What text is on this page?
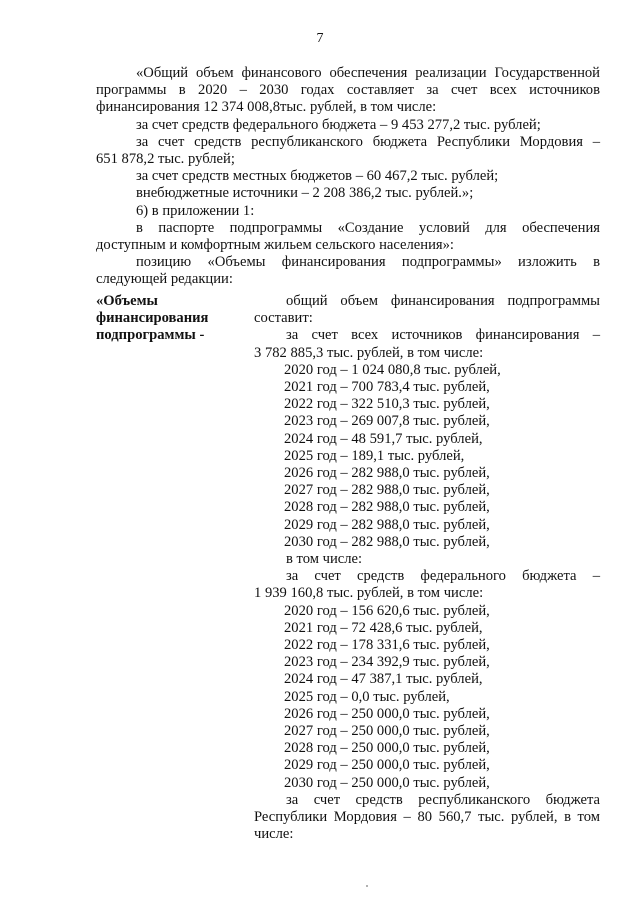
7
«Общий объем финансового обеспечения реализации Государственной
программы в 2020 – 2030 годах составляет за счет всех источников
финансирования 12 374 008,8тыс. рублей, в том числе:
за счет средств федерального бюджета – 9 453 277,2 тыс. рублей;
за счет средств республиканского бюджета Республики Мордовия –
651 878,2 тыс. рублей;
за счет средств местных бюджетов – 60 467,2 тыс. рублей;
внебюджетные источники – 2 208 386,2 тыс. рублей.»;
6) в приложении 1:
в паспорте подпрограммы «Создание условий для обеспечения
доступным и комфортным жильем сельского населения»:
позицию «Объемы финансирования подпрограммы» изложить в
следующей редакции:
«Объемы
финансирования
подпрограммы -
общий объем финансирования подпрограммы
составит:
за счет всех источников финансирования –
3 782 885,3 тыс. рублей, в том числе:
2020 год – 1 024 080,8 тыс. рублей,
2021 год – 700 783,4 тыс. рублей,
2022 год – 322 510,3 тыс. рублей,
2023 год – 269 007,8 тыс. рублей,
2024 год – 48 591,7 тыс. рублей,
2025 год – 189,1 тыс. рублей,
2026 год – 282 988,0 тыс. рублей,
2027 год – 282 988,0 тыс. рублей,
2028 год – 282 988,0 тыс. рублей,
2029 год – 282 988,0 тыс. рублей,
2030 год – 282 988,0 тыс. рублей,
в том числе:
за счет средств федерального бюджета –
1 939 160,8 тыс. рублей, в том числе:
2020 год – 156 620,6 тыс. рублей,
2021 год – 72 428,6 тыс. рублей,
2022 год – 178 331,6 тыс. рублей,
2023 год – 234 392,9 тыс. рублей,
2024 год – 47 387,1 тыс. рублей,
2025 год – 0,0 тыс. рублей,
2026 год – 250 000,0 тыс. рублей,
2027 год – 250 000,0 тыс. рублей,
2028 год – 250 000,0 тыс. рублей,
2029 год – 250 000,0 тыс. рублей,
2030 год – 250 000,0 тыс. рублей,
за счет средств республиканского бюджета
Республики Мордовия – 80 560,7 тыс. рублей, в том
числе:
